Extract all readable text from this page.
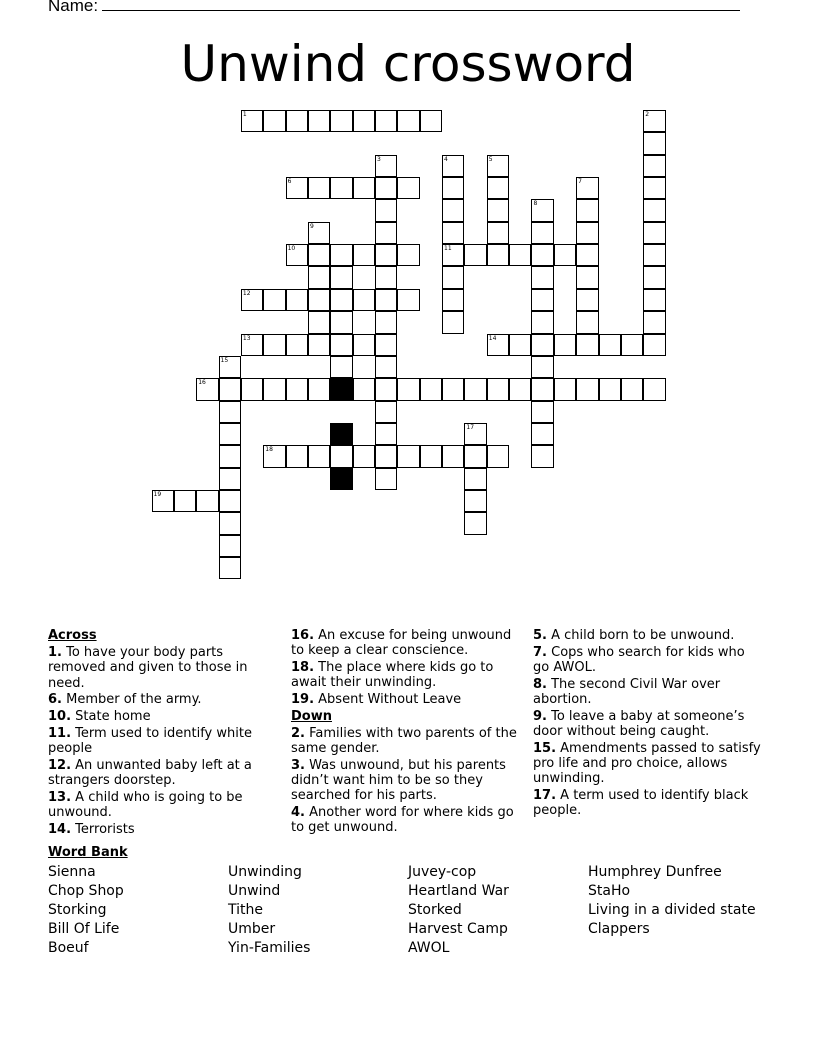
Name:
Unwind crossword
1	2
3	4	5
6	7
8
9
10	11
12
13	14
15
16
17
18
19
Across
1. To have your body parts removed and given to those in need.
6. Member of the army.
10. State home
11. Term used to identify white people
12. An unwanted baby left at a strangers doorstep.
13. A child who is going to be unwound.
14. Terrorists
16. An excuse for being unwound to keep a clear conscience.
18. The place where kids go to await their unwinding.
19. Absent Without Leave
Down
2. Families with two parents of the same gender.
3. Was unwound, but his parents didn’t want him to be so they searched for his parts.
4. Another word for where kids go to get unwound.
5. A child born to be unwound.
7. Cops who search for kids who go AWOL.
8. The second Civil War over abortion.
9. To leave a baby at someone’s door without being caught.
15. Amendments passed to satisfy pro life and pro choice, allows unwinding.
17. A term used to identify black people.
Word Bank
Sienna
Chop Shop
Storking
Bill Of Life
Boeuf
Unwinding
Unwind
Tithe
Umber
Yin-Families
Juvey-cop
Heartland War
Storked
Harvest Camp
AWOL
Humphrey Dunfree
StaHo
Living in a divided state
Clappers
